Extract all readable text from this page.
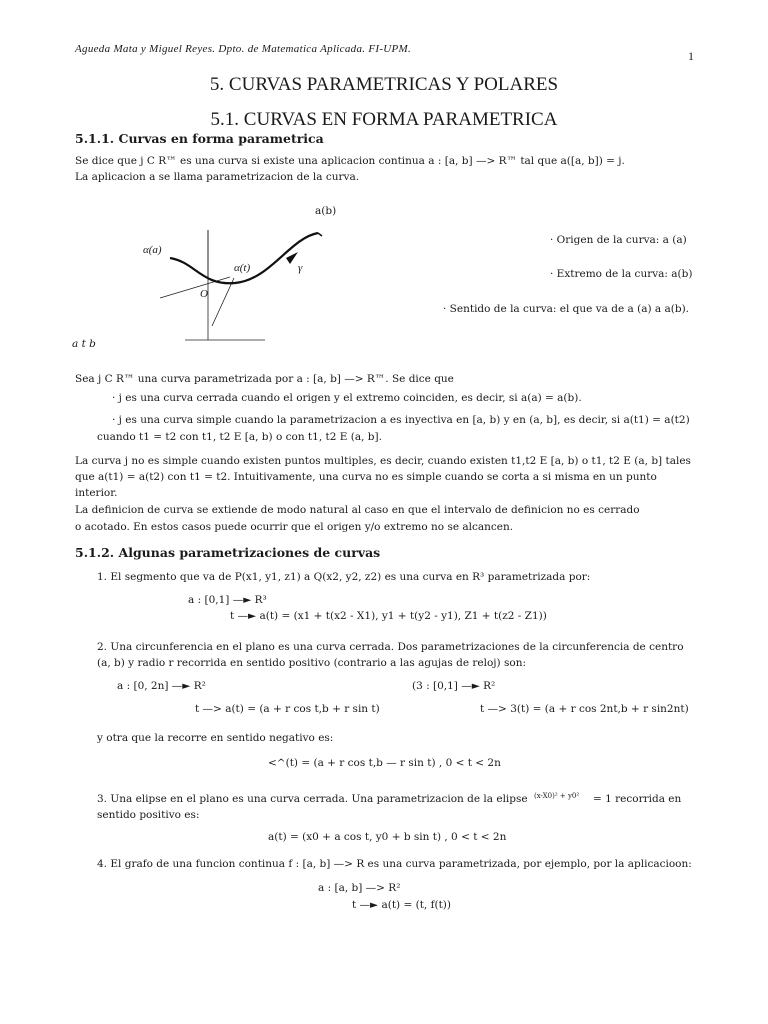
Agueda Mata y Miguel Reyes. Dpto. de Matematica Aplicada. FI-UPM.	1
5. CURVAS PARAMETRICAS Y POLARES
5.1. CURVAS EN FORMA PARAMETRICA
5.1.1. Curvas en forma parametrica
Se dice que j C R™ es una curva si existe una aplicacion continua a : [a, b] —> R™ tal que a([a, b]) = j.
La aplicacion a se llama parametrizacion de la curva.
a(b)
α(a)
α(t)	γ
O
a t b
· Origen de la curva: a (a)
· Extremo de la curva: a(b)
· Sentido de la curva: el que va de a (a) a a(b).
Sea j C R™ una curva parametrizada por a : [a, b] —> R™. Se dice que
· j es una curva cerrada cuando el origen y el extremo coinciden, es decir, si a(a) = a(b).
· j es una curva simple cuando la parametrizacion a es inyectiva en [a, b) y en (a, b], es decir, si a(t1) = a(t2)
cuando t1 = t2 con t1, t2 E [a, b) o con t1, t2 E (a, b].
La curva j no es simple cuando existen puntos multiples, es decir, cuando existen t1,t2 E [a, b) o t1, t2 E (a, b] tales que a(t1) = a(t2) con t1 = t2. Intuitivamente, una curva no es simple cuando se corta a si misma en un punto interior.
La definicion de curva se extiende de modo natural al caso en que el intervalo de definicion no es cerrado
o acotado. En estos casos puede ocurrir que el origen y/o extremo no se alcancen.
5.1.2. Algunas parametrizaciones de curvas
1. El segmento que va de P(x1, y1, z1) a Q(x2, y2, z2) es una curva en R³ parametrizada por:
a : [0,1] —► R³
t —► a(t) = (x1 + t(x2 - X1), y1 + t(y2 - y1), Z1 + t(z2 - Z1))
2. Una circunferencia en el plano es una curva cerrada. Dos parametrizaciones de la circunferencia de centro
(a, b) y radio r recorrida en sentido positivo (contrario a las agujas de reloj) son:
a : [0, 2n] —► R²
t —> a(t) = (a + r cos t,b + r sin t)
(3 : [0,1] —► R²
t —> 3(t) = (a + r cos 2nt,b + r sin2nt)
y otra que la recorre en sentido negativo es:
<^(t) = (a + r cos t,b — r sin t) , 0 < t < 2n
3. Una elipse en el plano es una curva cerrada. Una parametrizacion de la elipse (x-X0)² + y0² = 1 recorrida en
sentido positivo es:
a(t) = (x0 + a cos t, y0 + b sin t) , 0 < t < 2n
4. El grafo de una funcion continua f : [a, b] —> R es una curva parametrizada, por ejemplo, por la aplicacioon:
a : [a, b] —> R²
t —► a(t) = (t, f(t))
